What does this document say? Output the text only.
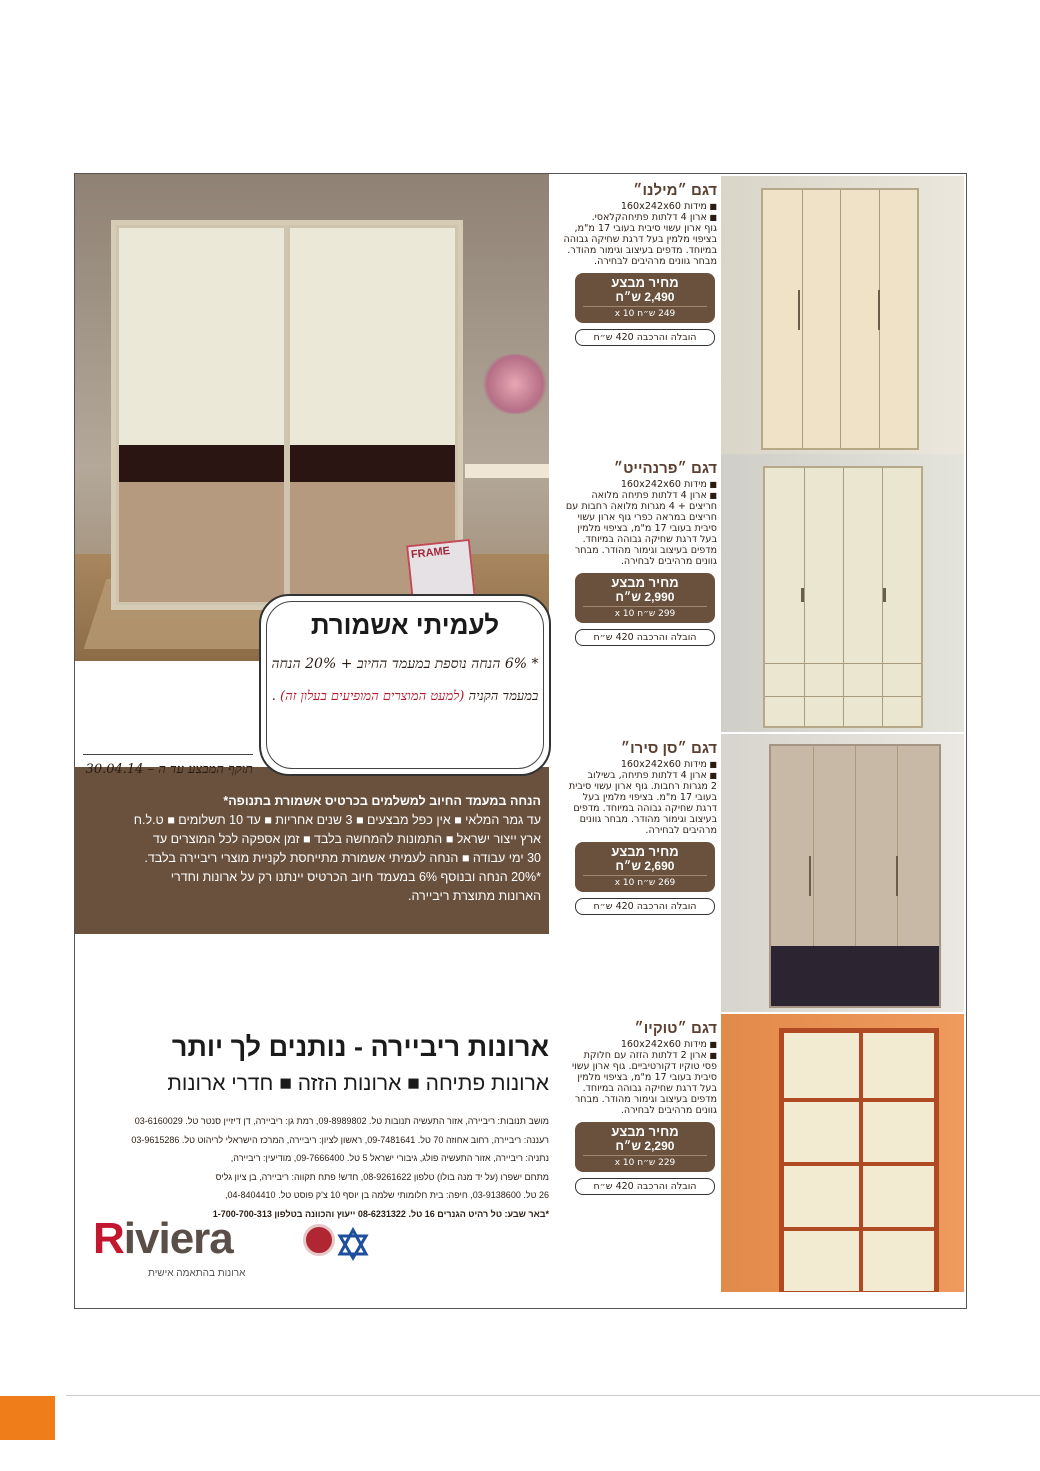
FRAME
לעמיתי אשמורת
* 6% הנחה נוספת במעמד החיוב + 20% הנחה
במעמד הקניה (למעט המוצרים המופיעים בעלון זה) .
תוקף המבצע עד ה – 30.04.14
הנחה במעמד החיוב למשלמים בכרטיס אשמורת בתנופה*
עד גמר המלאי ■ אין כפל מבצעים ■ 3 שנים אחריות ■ עד 10 תשלומים ■ ט.ל.ח
ארץ ייצור ישראל ■ התמונות להמחשה בלבד ■ זמן אספקה לכל המוצרים עד
30 ימי עבודה ■ הנחה לעמיתי אשמורת מתייחסת לקניית מוצרי ריביירה בלבד.
*20% הנחה ובנוסף 6% במעמד חיוב הכרטיס יינתנו רק על ארונות וחדרי
הארונות מתוצרת ריביירה.
דגם ״מילנו״
■ מידות 160x242x60
■ ארון 4 דלתות פתיחהקלאסי.
גוף ארון עשוי סיבית בעובי 17 מ"מ, בציפוי מלמין בעל דרגת שחיקה גבוהה במיוחד. מדפים בעיצוב וגימור מהודר. מבחר גוונים מרהיבים לבחירה.
מחיר מבצע
2,490 ש״ח
249 ש״ח x 10
הובלה והרכבה 420 ש״ח
דגם ״פרנהייט״
■ מידות 160x242x60
■ ארון 4 דלתות פתיחה מלואה
חריצים + 4 מגרות מלואה רחבות עם חריצים במראה כפרי גוף ארון עשוי סיבית בעובי 17 מ"מ, בציפוי מלמין בעל דרגת שחיקה גבוהה במיוחד. מדפים בעיצוב וגימור מהודר. מבחר גוונים מרהיבים לבחירה.
מחיר מבצע
2,990 ש״ח
299 ש״ח x 10
הובלה והרכבה 420 ש״ח
דגם ״סן סירו״
■ מידות 160x242x60
■ ארון 4 דלתות פתיחה, בשילוב
2 מגרות רחבות. גוף ארון עשוי סיבית בעובי 17 מ"מ. בציפוי מלמין בעל דרגת שחיקה גבוהה במיוחד. מדפים בעיצוב וגימור מהודר. מבחר גוונים מרהיבים לבחירה.
מחיר מבצע
2,690 ש״ח
269 ש״ח x 10
הובלה והרכבה 420 ש״ח
דגם ״טוקיו״
■ מידות 160x242x60
■ ארון 2 דלתות הזזה עם חלוקת
פסי טוקיו דקורטיביים. גוף ארון עשוי סיבית בעובי 17 מ"מ, בציפוי מלמין בעל דרגת שחיקה גבוהה במיוחד. מדפים בעיצוב וגימור מהודר. מבחר גוונים מרהיבים לבחירה.
מחיר מבצע
2,290 ש״ח
229 ש״ח x 10
הובלה והרכבה 420 ש״ח
ארונות ריביירה - נותנים לך יותר
ארונות פתיחה ■ ארונות הזזה ■ חדרי ארונות
מושב תנובות: ריביירה, אזור התעשיה תנובות טל. 09-8989802, רמת גן: ריביירה, דן דיזיין סנטר טל. 03-6160029
רעננה: ריביירה, רחוב אחוזה 70 טל. 09-7481641, ראשון לציון: ריביירה, המרכז הישראלי לריהוט טל. 03-9615286
נתניה: ריביירה, אזור התעשיה פולג, גיבורי ישראל 5 טל. 09-7666400, מודיעין: ריביירה,
מתחם ישפרו (על יד מנה בולו) טלפון 08-9261622, חדש! פתח תקווה: ריביירה, בן ציון גליס
26 טל. 03-9138600, חיפה: בית חלומותי שלמה בן יוסף 10 צ'ק פוסט טל. 04-8404410,
*באר שבע: טל רהיט הגנרים 16 טל. 08-6231322 ייעוץ והכוונה בטלפון 1-700-700-313
Riviera
ארונות בהתאמה אישית
